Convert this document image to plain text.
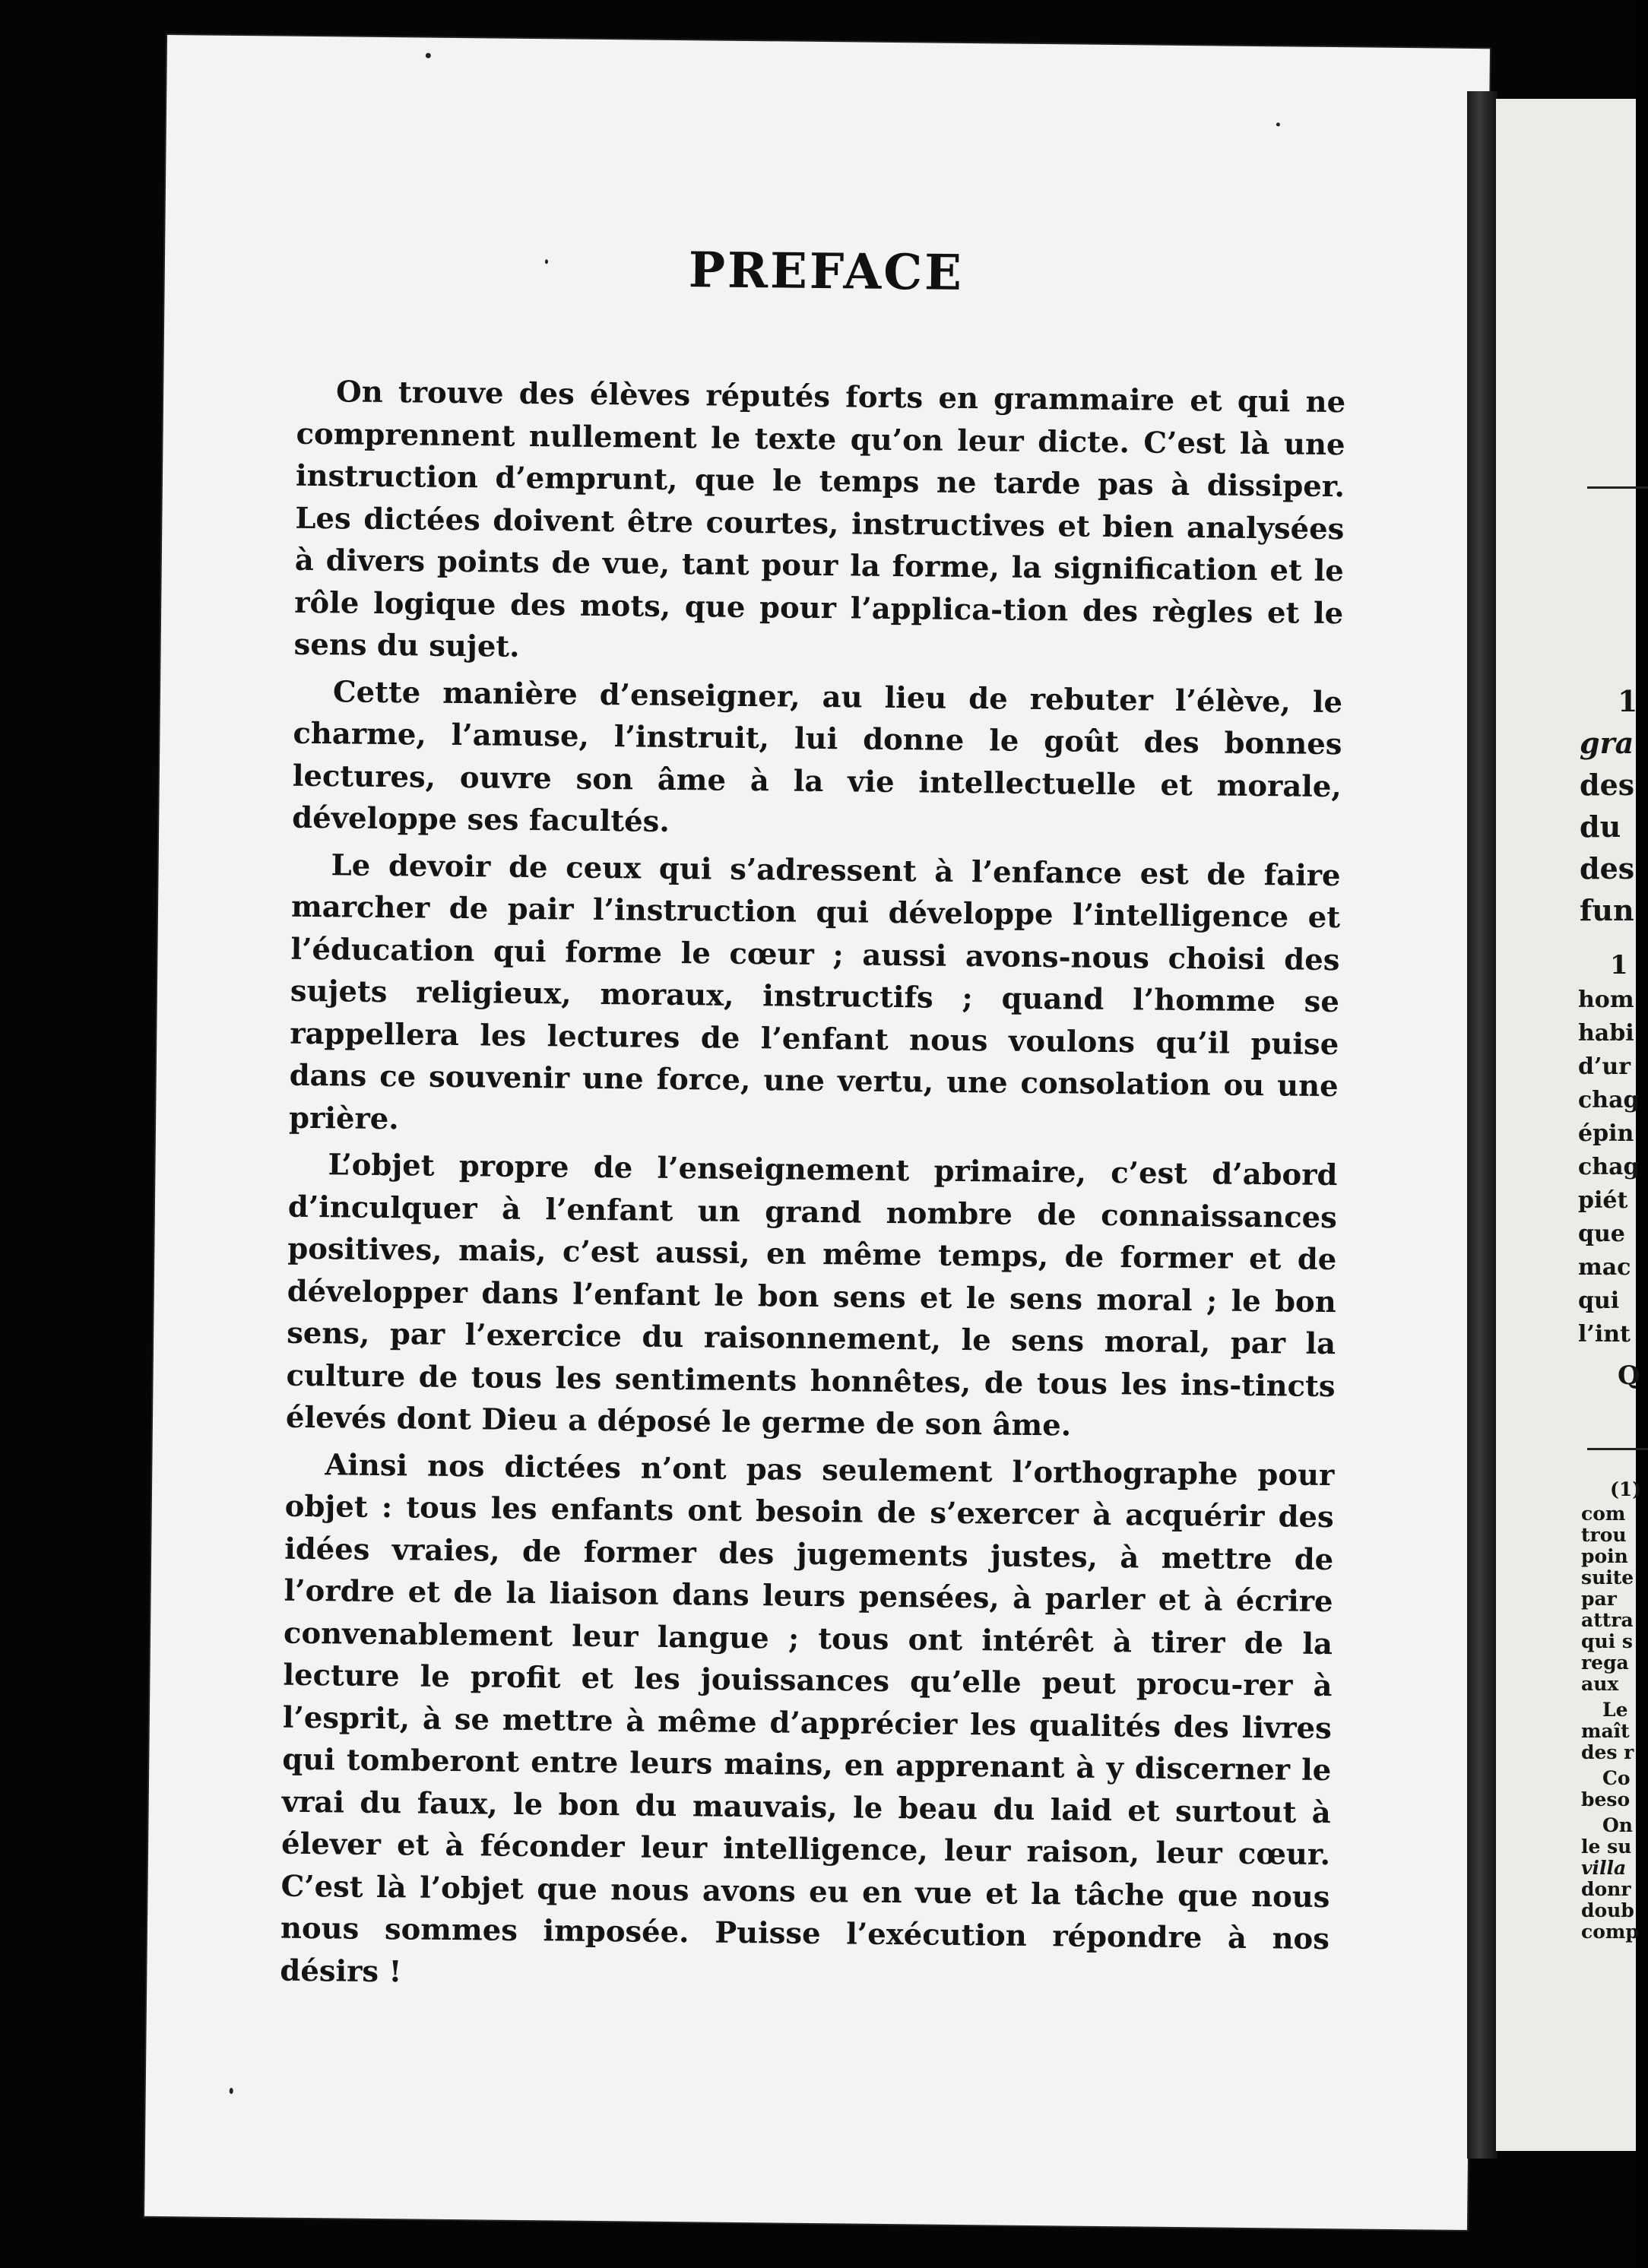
PREFACE

On trouve des élèves réputés forts en grammaire et qui ne comprennent nullement le texte qu’on leur dicte. C’est là une instruction d’emprunt, que le temps ne tarde pas à dissiper. Les dictées doivent être courtes, instructives et bien analysées à divers points de vue, tant pour la forme, la signification et le rôle logique des mots, que pour l’applica-tion des règles et le sens du sujet.

Cette manière d’enseigner, au lieu de rebuter l’élève, le charme, l’amuse, l’instruit, lui donne le goût des bonnes lectures, ouvre son âme à la vie intellectuelle et morale, développe ses facultés.

Le devoir de ceux qui s’adressent à l’enfance est de faire marcher de pair l’instruction qui développe l’intelligence et l’éducation qui forme le cœur ; aussi avons-nous choisi des sujets religieux, moraux, instructifs ; quand l’homme se rappellera les lectures de l’enfant nous voulons qu’il puise dans ce souvenir une force, une vertu, une consolation ou une prière.

L’objet propre de l’enseignement primaire, c’est d’abord d’inculquer à l’enfant un grand nombre de connaissances positives, mais, c’est aussi, en même temps, de former et de développer dans l’enfant le bon sens et le sens moral ; le bon sens, par l’exercice du raisonnement, le sens moral, par la culture de tous les sentiments honnêtes, de tous les ins-tincts élevés dont Dieu a déposé le germe de son âme.

Ainsi nos dictées n’ont pas seulement l’orthographe pour objet : tous les enfants ont besoin de s’exercer à acquérir des idées vraies, de former des jugements justes, à mettre de l’ordre et de la liaison dans leurs pensées, à parler et à écrire convenablement leur langue ; tous ont intérêt à tirer de la lecture le profit et les jouissances qu’elle peut procu-rer à l’esprit, à se mettre à même d’apprécier les qualités des livres qui tomberont entre leurs mains, en apprenant à y discerner le vrai du faux, le bon du mauvais, le beau du laid et surtout à élever et à féconder leur intelligence, leur raison, leur cœur. C’est là l’objet que nous avons eu en vue et la tâche que nous nous sommes imposée. Puisse l’exécution répondre à nos désirs !

1
gra
des
du
des
fun
1
hom
habi
d’ur
chag
épin
chag
piét
que
mac
qui
l’int
Q
(1)
com
trou
poin
suite
par
attra
qui s
rega
aux
Le
maît
des r
Co
beso
On
le su
villa
donr
doub
comp
